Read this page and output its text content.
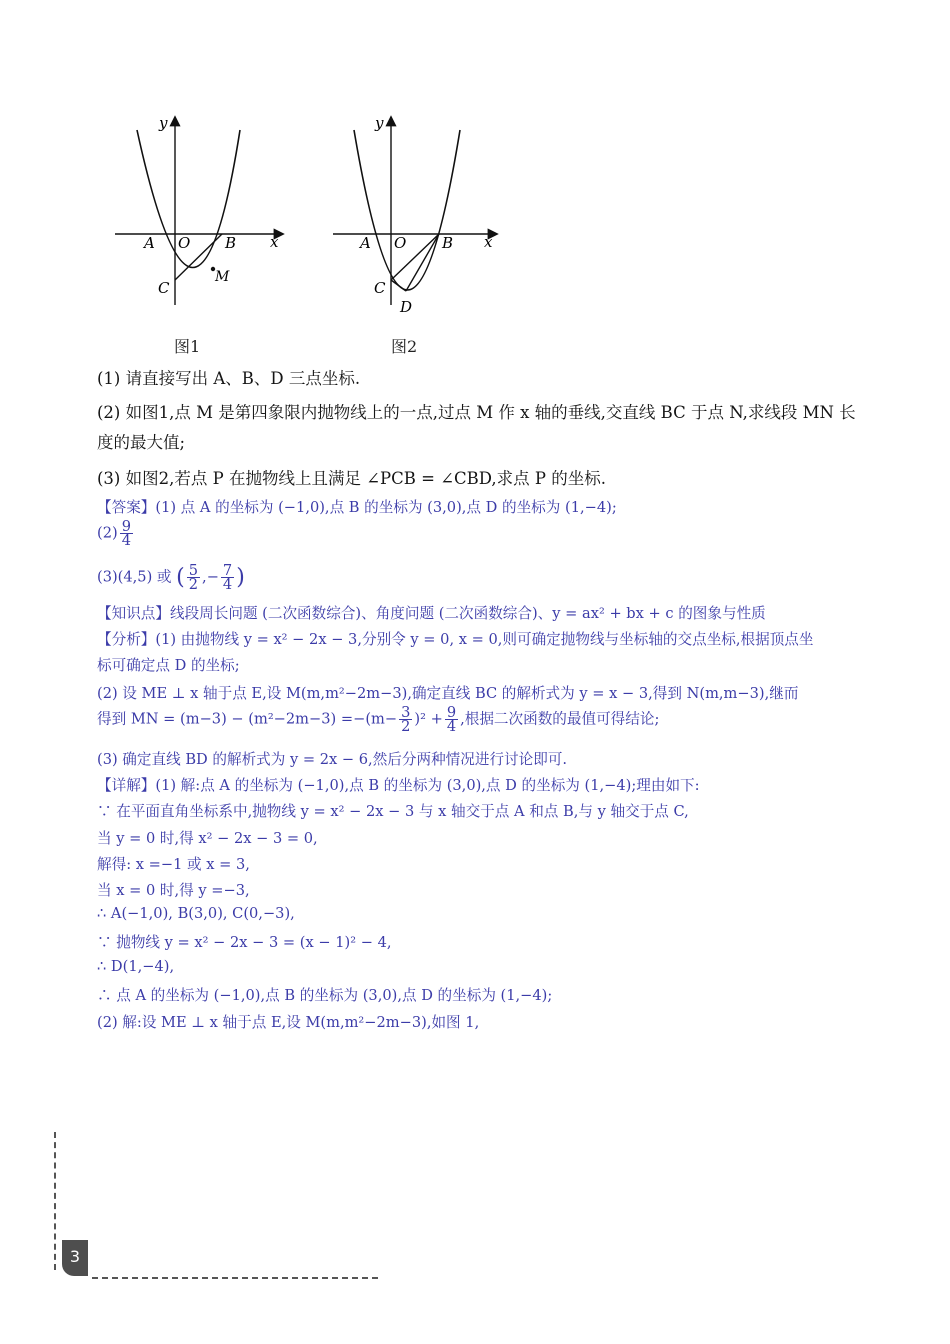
y
x
O
A	B
C
M
图1
y
x
O
A	B
C
D
图2
(1) 请直接写出 A、B、D 三点坐标.
(2) 如图1,点 M 是第四象限内抛物线上的一点,过点 M 作 x 轴的垂线,交直线 BC 于点 N,求线段 MN 长
度的最大值;
(3) 如图2,若点 P 在抛物线上且满足 ∠PCB = ∠CBD,求点 P 的坐标.
【答案】(1) 点 A 的坐标为 (−1,0),点 B 的坐标为 (3,0),点 D 的坐标为 (1,−4);
$(2) \frac{9}{4}$
(3)(4,5) 或 ( $\frac{5}{2}$ ,− $\frac{7}{4}$ )
【知识点】线段周长问题 (二次函数综合)、角度问题 (二次函数综合)、y = ax² + bx + c 的图象与性质
【分析】(1) 由抛物线 y = x² − 2x − 3,分别令 y = 0, x = 0,则可确定抛物线与坐标轴的交点坐标,根据顶点坐
标可确定点 D 的坐标;
(2) 设 ME ⊥ x 轴于点 E,设 M(m,m²−2m−3),确定直线 BC 的解析式为 y = x − 3,得到 N(m,m−3),继而
得到 MN = $(m-3) - (m^2-2m-3) =-(m- \frac{3}{2} )^2 + \frac{9}{4}$ ,根据二次函数的最值可得结论;
(3) 确定直线 BD 的解析式为 y = 2x − 6,然后分两种情况进行讨论即可.
【详解】(1) 解:点 A 的坐标为 (−1,0),点 B 的坐标为 (3,0),点 D 的坐标为 (1,−4);理由如下:
∵ 在平面直角坐标系中,抛物线 y = x² − 2x − 3 与 x 轴交于点 A 和点 B,与 y 轴交于点 C,
当 y = 0 时,得 x² − 2x − 3 = 0,
解得: x =−1 或 x = 3,
当 x = 0 时,得 y =−3,
∴ A(−1,0), B(3,0), C(0,−3),
∵ 抛物线 y = x² − 2x − 3 = (x − 1)² − 4,
∴ D(1,−4),
∴ 点 A 的坐标为 (−1,0),点 B 的坐标为 (3,0),点 D 的坐标为 (1,−4);
(2) 解:设 ME ⊥ x 轴于点 E,设 M(m,m²−2m−3),如图 1,
3
